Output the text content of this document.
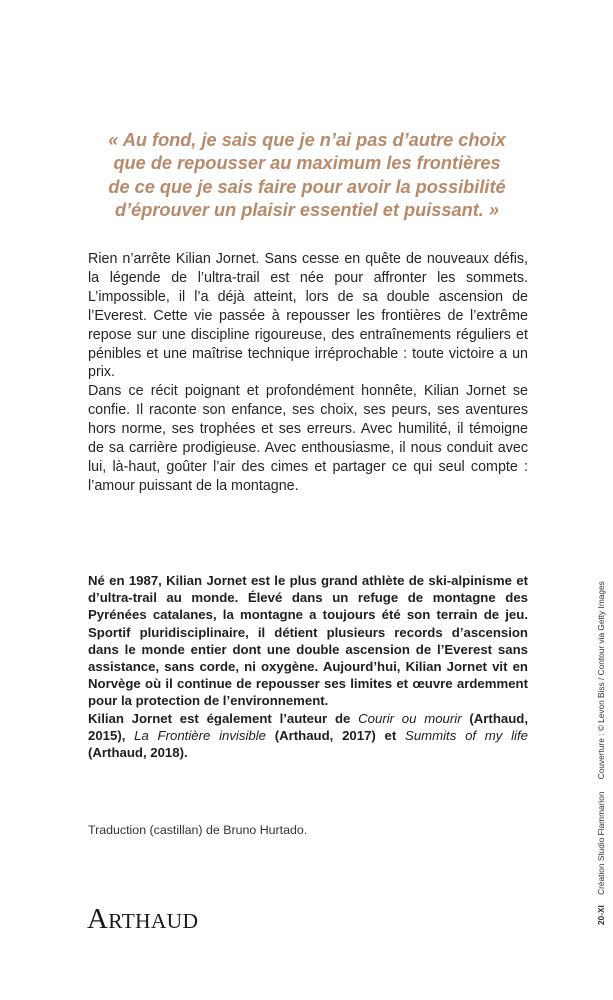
« Au fond, je sais que je n’ai pas d’autre choix
que de repousser au maximum les frontières
de ce que je sais faire pour avoir la possibilité
d’éprouver un plaisir essentiel et puissant. »

Rien n’arrête Kilian Jornet. Sans cesse en quête de nouveaux défis, la légende de l’ultra-trail est née pour affronter les sommets. L’impossible, il l’a déjà atteint, lors de sa double ascension de l’Everest. Cette vie passée à repousser les frontières de l’extrême repose sur une discipline rigoureuse, des entraînements réguliers et pénibles et une maîtrise technique irréprochable : toute victoire a un prix.

Dans ce récit poignant et profondément honnête, Kilian Jornet se confie. Il raconte son enfance, ses choix, ses peurs, ses aventures hors norme, ses trophées et ses erreurs. Avec humilité, il témoigne de sa carrière prodigieuse. Avec enthousiasme, il nous conduit avec lui, là-haut, goûter l’air des cimes et partager ce qui seul compte : l’amour puissant de la montagne.

Né en 1987, Kilian Jornet est le plus grand athlète de ski-alpinisme et d’ultra-trail au monde. Élevé dans un refuge de montagne des Pyrénées catalanes, la montagne a toujours été son terrain de jeu. Sportif pluridisciplinaire, il détient plusieurs records d’ascension dans le monde entier dont une double ascension de l’Everest sans assistance, sans corde, ni oxygène. Aujourd’hui, Kilian Jornet vit en Norvège où il continue de repousser ses limites et œuvre ardemment pour la protection de l’environnement.

Kilian Jornet est également l’auteur de Courir ou mourir (Arthaud, 2015), La Frontière invisible (Arthaud, 2017) et Summits of my life (Arthaud, 2018).

Traduction (castillan) de Bruno Hurtado.
ARTHAUD	20-XI Création Studio Flammarion Couverture : © Levon Biss / Contour via Getty Images
